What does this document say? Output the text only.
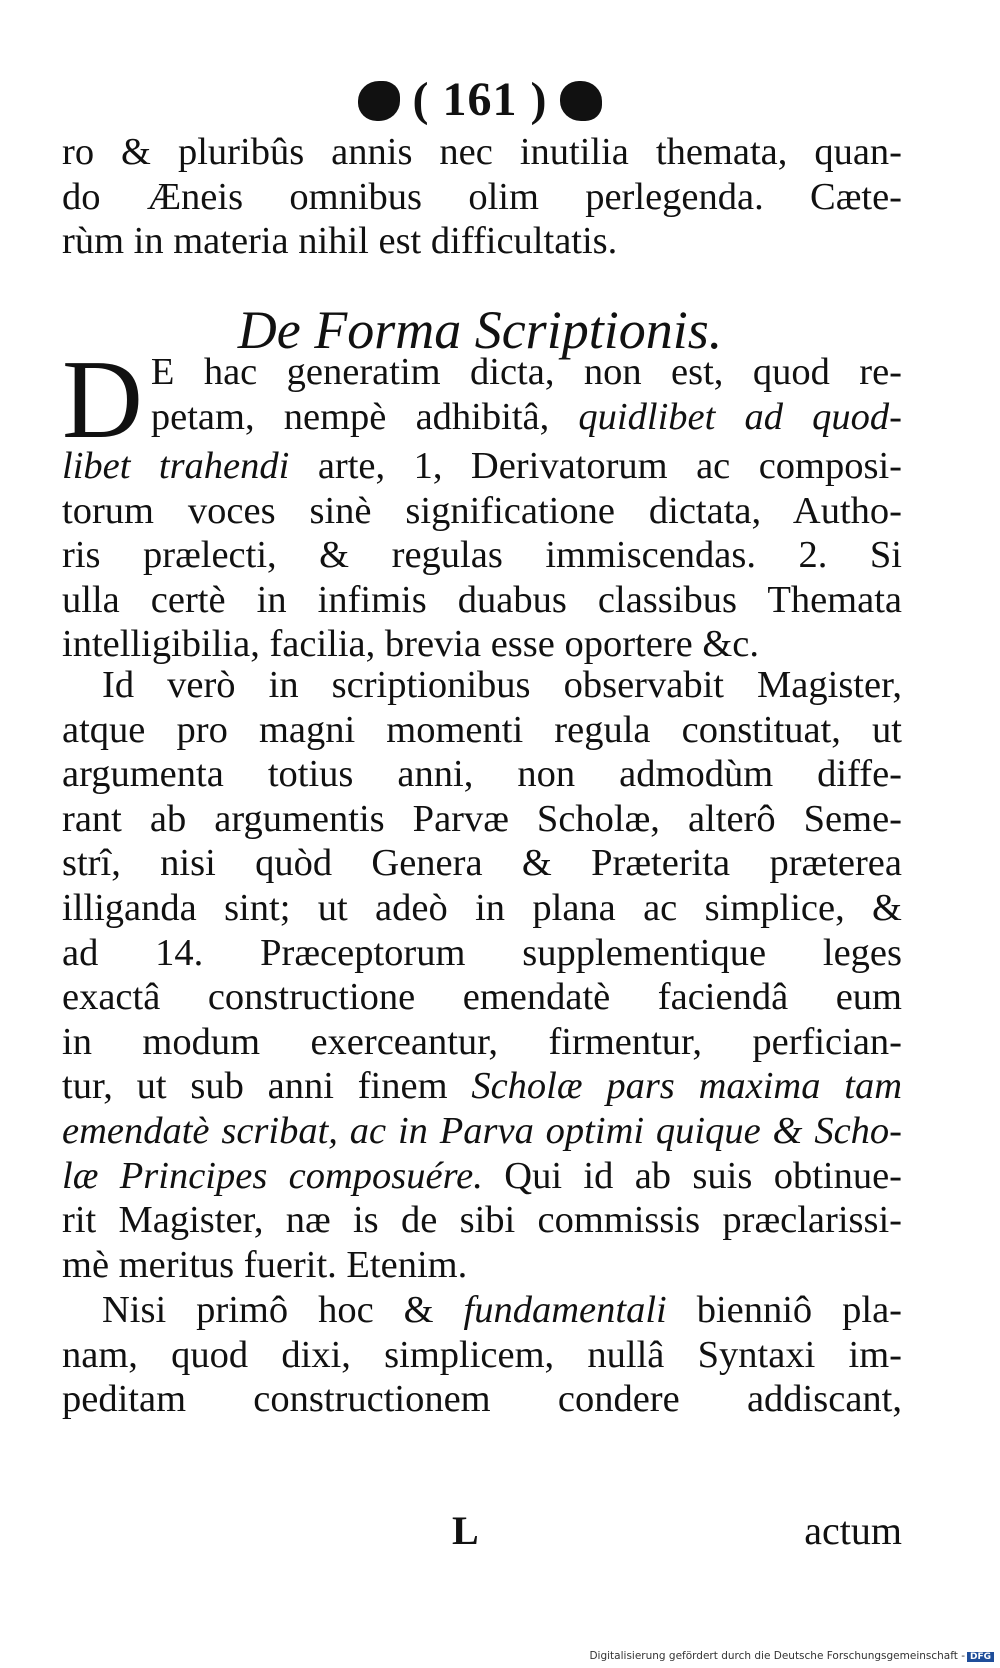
( 161 )
ro & pluribûs annis nec inutilia themata, quan-
do Æneis omnibus olim perlegenda. Cæte-
rùm in materia nihil est difficultatis.
De Forma Scriptionis.
D E hac generatim dicta, non est, quod re-
petam, nempè adhibitâ, quidlibet ad quod-
libet trahendi arte, 1, Derivatorum ac composi-
torum voces sinè significatione dictata, Autho-
ris prælecti, & regulas immiscendas. 2. Si
ulla certè in infimis duabus classibus Themata
intelligibilia, facilia, brevia esse oportere &c.
Id verò in scriptionibus observabit Magister,
atque pro magni momenti regula constituat, ut
argumenta totius anni, non admodùm diffe-
rant ab argumentis Parvæ Scholæ, alterô Seme-
strî, nisi quòd Genera & Præterita præterea
illiganda sint; ut adeò in plana ac simplice, &
ad 14. Præceptorum supplementique leges
exactâ constructione emendatè faciendâ eum
in modum exerceantur, firmentur, perfician-
tur, ut sub anni finem Scholæ pars maxima tam
emendatè scribat, ac in Parva optimi quique & Scho-
læ Principes composuére. Qui id ab suis obtinue-
rit Magister, næ is de sibi commissis præclarissi-
mè meritus fuerit. Etenim.
Nisi primô hoc & fundamentali bienniô pla-
nam, quod dixi, simplicem, nullâ Syntaxi im-
peditam constructionem condere addiscant,
L	actum
Digitalisierung gefördert durch die Deutsche Forschungsgemeinschaft - DFG
